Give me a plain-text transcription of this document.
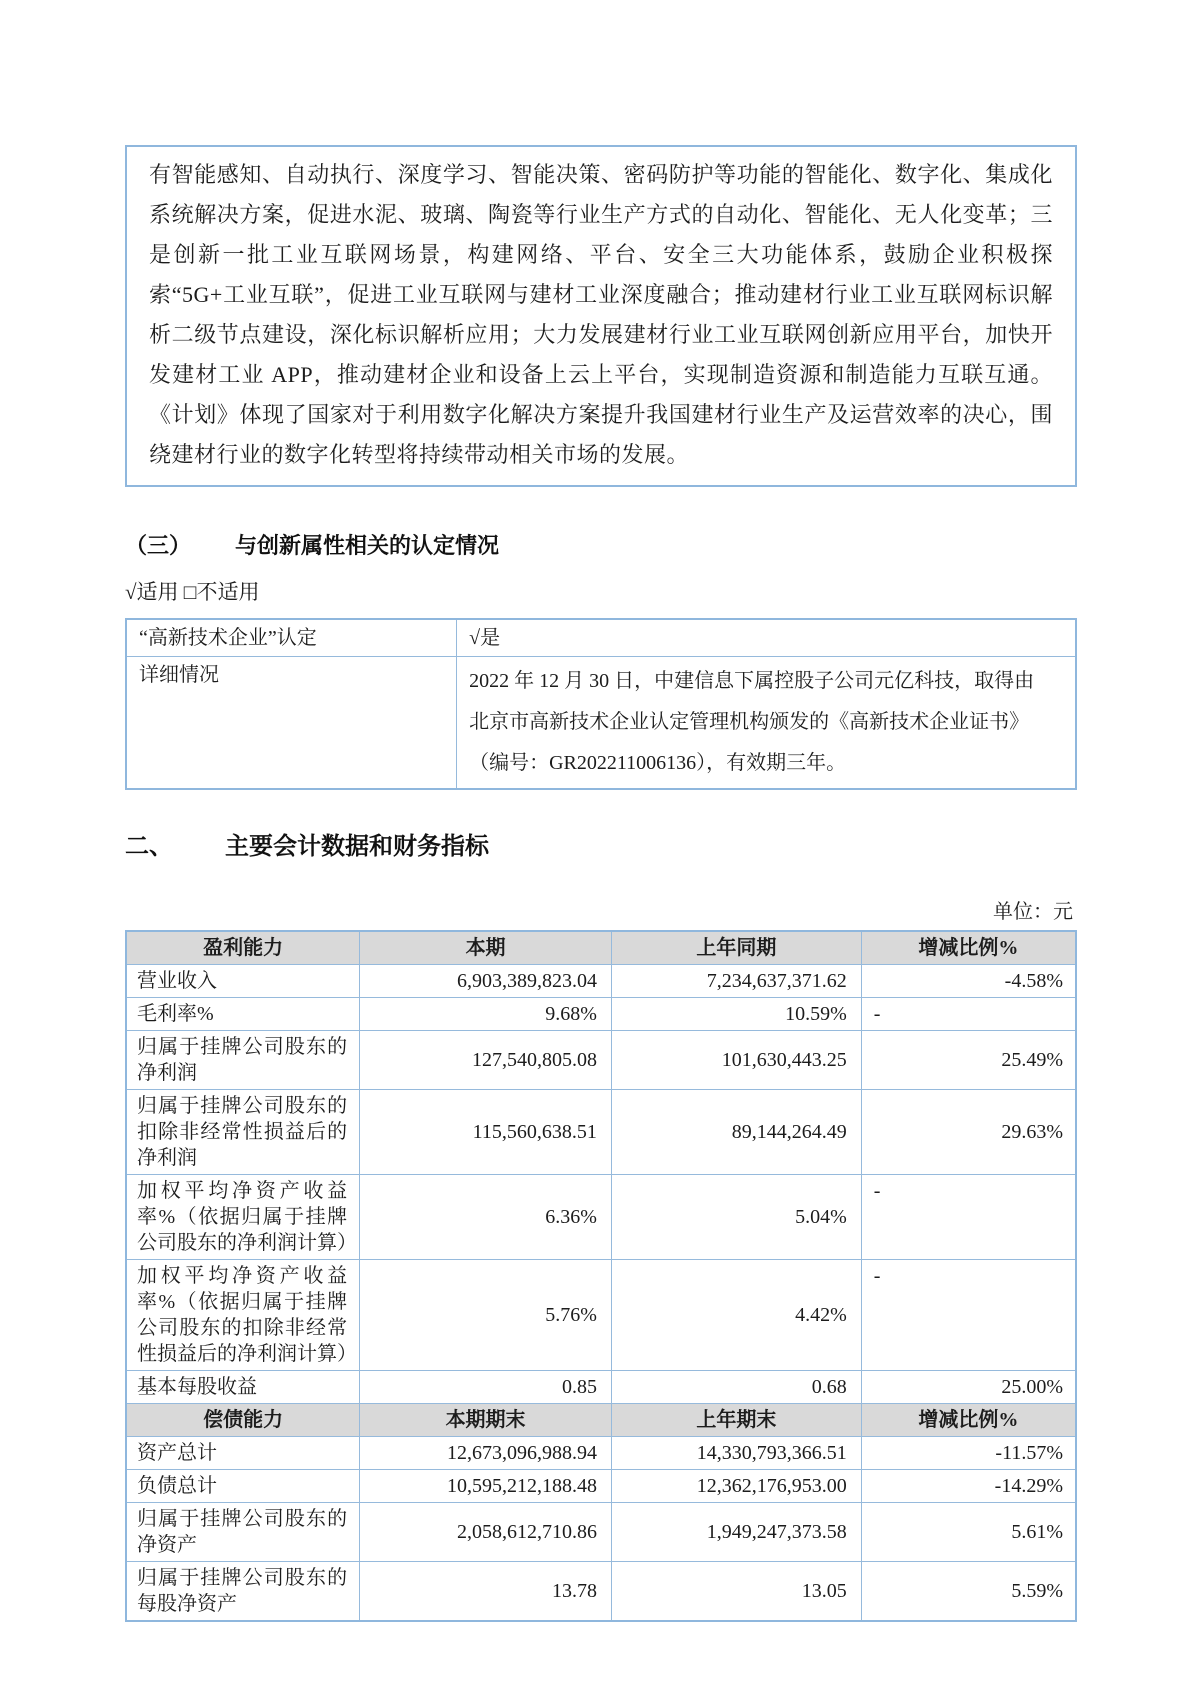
有智能感知、自动执行、深度学习、智能决策、密码防护等功能的智能化、数字化、集成化系统解决方案，促进水泥、玻璃、陶瓷等行业生产方式的自动化、智能化、无人化变革；三是创新一批工业互联网场景，构建网络、平台、安全三大功能体系，鼓励企业积极探索“5G+工业互联”，促进工业互联网与建材工业深度融合；推动建材行业工业互联网标识解析二级节点建设，深化标识解析应用；大力发展建材行业工业互联网创新应用平台，加快开发建材工业 APP，推动建材企业和设备上云上平台，实现制造资源和制造能力互联互通。《计划》体现了国家对于利用数字化解决方案提升我国建材行业生产及运营效率的决心，围绕建材行业的数字化转型将持续带动相关市场的发展。

（三） 与创新属性相关的认定情况

√适用 □不适用

“高新技术企业”认定	√是
详细情况	2022 年 12 月 30 日，中建信息下属控股子公司元亿科技，取得由
北京市高新技术企业认定管理机构颁发的《高新技术企业证书》
（编号：GR202211006136），有效期三年。
二、 主要会计数据和财务指标
单位：元
盈利能力	本期	上年同期	增减比例%
营业收入	6,903,389,823.04	7,234,637,371.62	-4.58%
毛利率%	9.68%	10.59%	-
归属于挂牌公司股东的净利润	127,540,805.08	101,630,443.25	25.49%
归属于挂牌公司股东的扣除非经常性损益后的净利润	115,560,638.51	89,144,264.49	29.63%
加权平均净资产收益率%（依据归属于挂牌公司股东的净利润计算）	6.36%	5.04%	-
加权平均净资产收益率%（依据归属于挂牌公司股东的扣除非经常性损益后的净利润计算）	5.76%	4.42%	-
基本每股收益	0.85	0.68	25.00%
偿债能力	本期期末	上年期末	增减比例%
资产总计	12,673,096,988.94	14,330,793,366.51	-11.57%
负债总计	10,595,212,188.48	12,362,176,953.00	-14.29%
归属于挂牌公司股东的净资产	2,058,612,710.86	1,949,247,373.58	5.61%
归属于挂牌公司股东的每股净资产	13.78	13.05	5.59%
